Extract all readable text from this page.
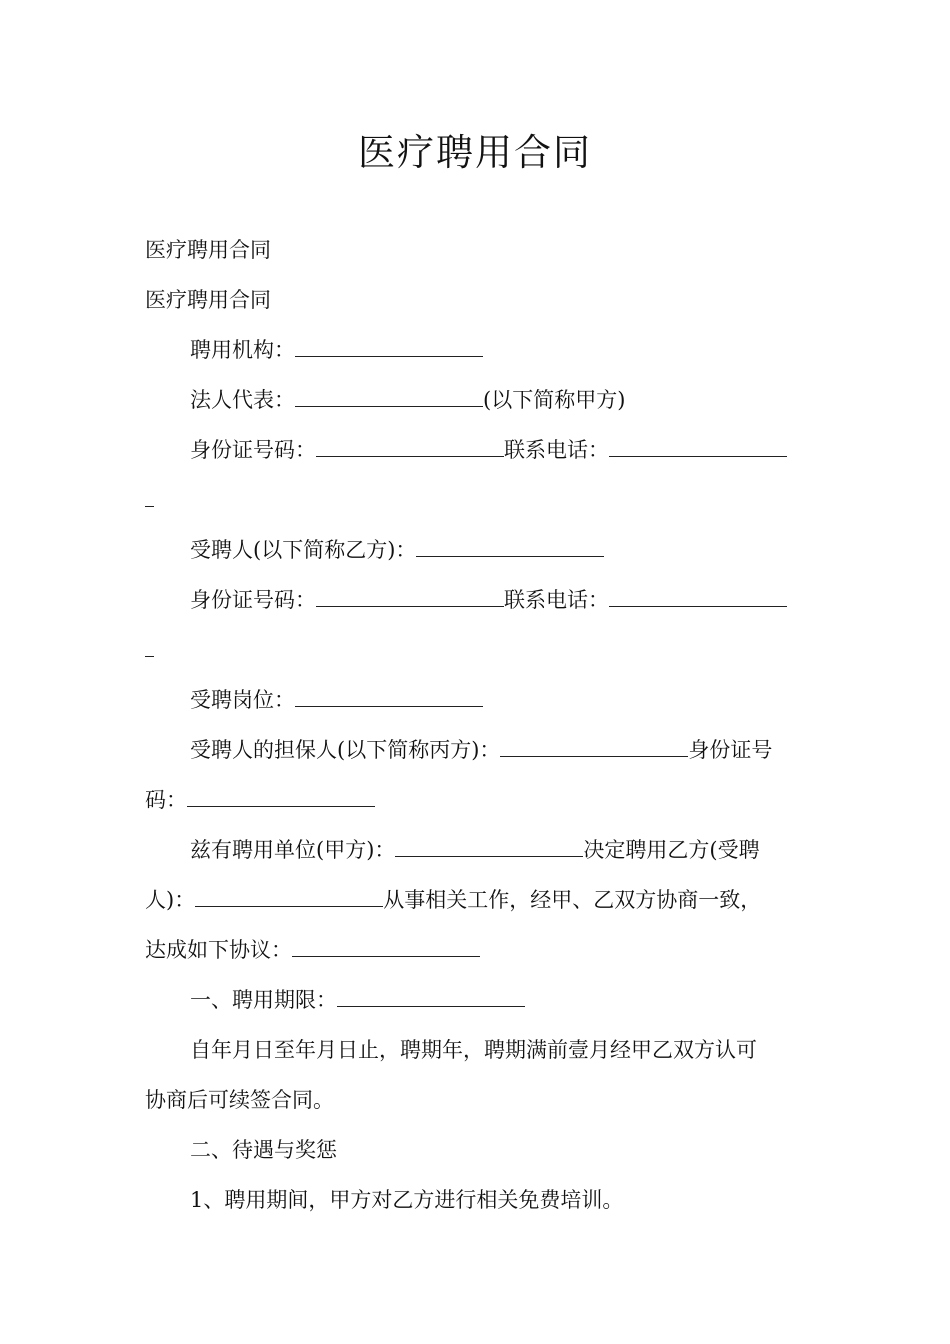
医疗聘用合同

医疗聘用合同

医疗聘用合同

聘用机构：

法人代表：	(以下简称甲方)

身份证号码：	联系电话：

受聘人(以下简称乙方)：

身份证号码：	联系电话：

受聘岗位：

受聘人的担保人(以下简称丙方)：	身份证号

码：

兹有聘用单位(甲方)：	决定聘用乙方(受聘

人)：	从事相关工作，经甲、乙双方协商一致，

达成如下协议：

一、聘用期限：

自年月日至年月日止，聘期年，聘期满前壹月经甲乙双方认可

协商后可续签合同。

二、待遇与奖惩

1、聘用期间，甲方对乙方进行相关免费培训。
